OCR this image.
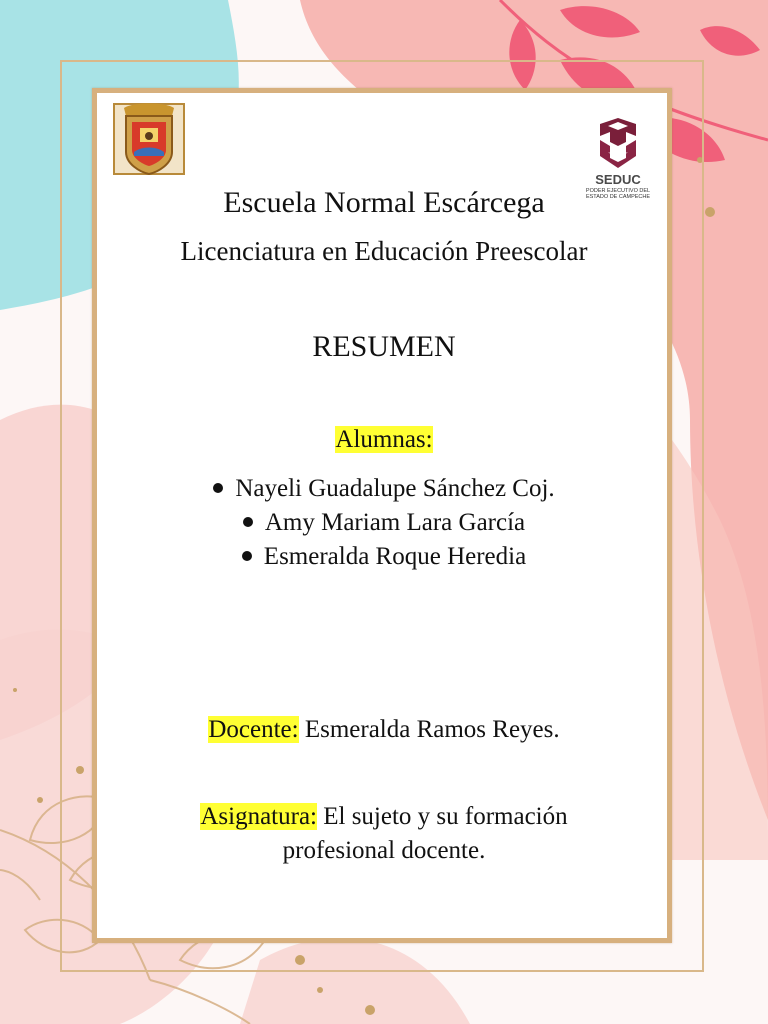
SEDUC
PODER EJECUTIVO DEL ESTADO DE CAMPECHE
Escuela Normal Escárcega
Licenciatura en Educación Preescolar
RESUMEN
Alumnas:
Nayeli Guadalupe Sánchez Coj.
Amy Mariam Lara García
Esmeralda Roque Heredia
Docente: Esmeralda Ramos Reyes.
Asignatura: El sujeto y su formación
profesional docente.
